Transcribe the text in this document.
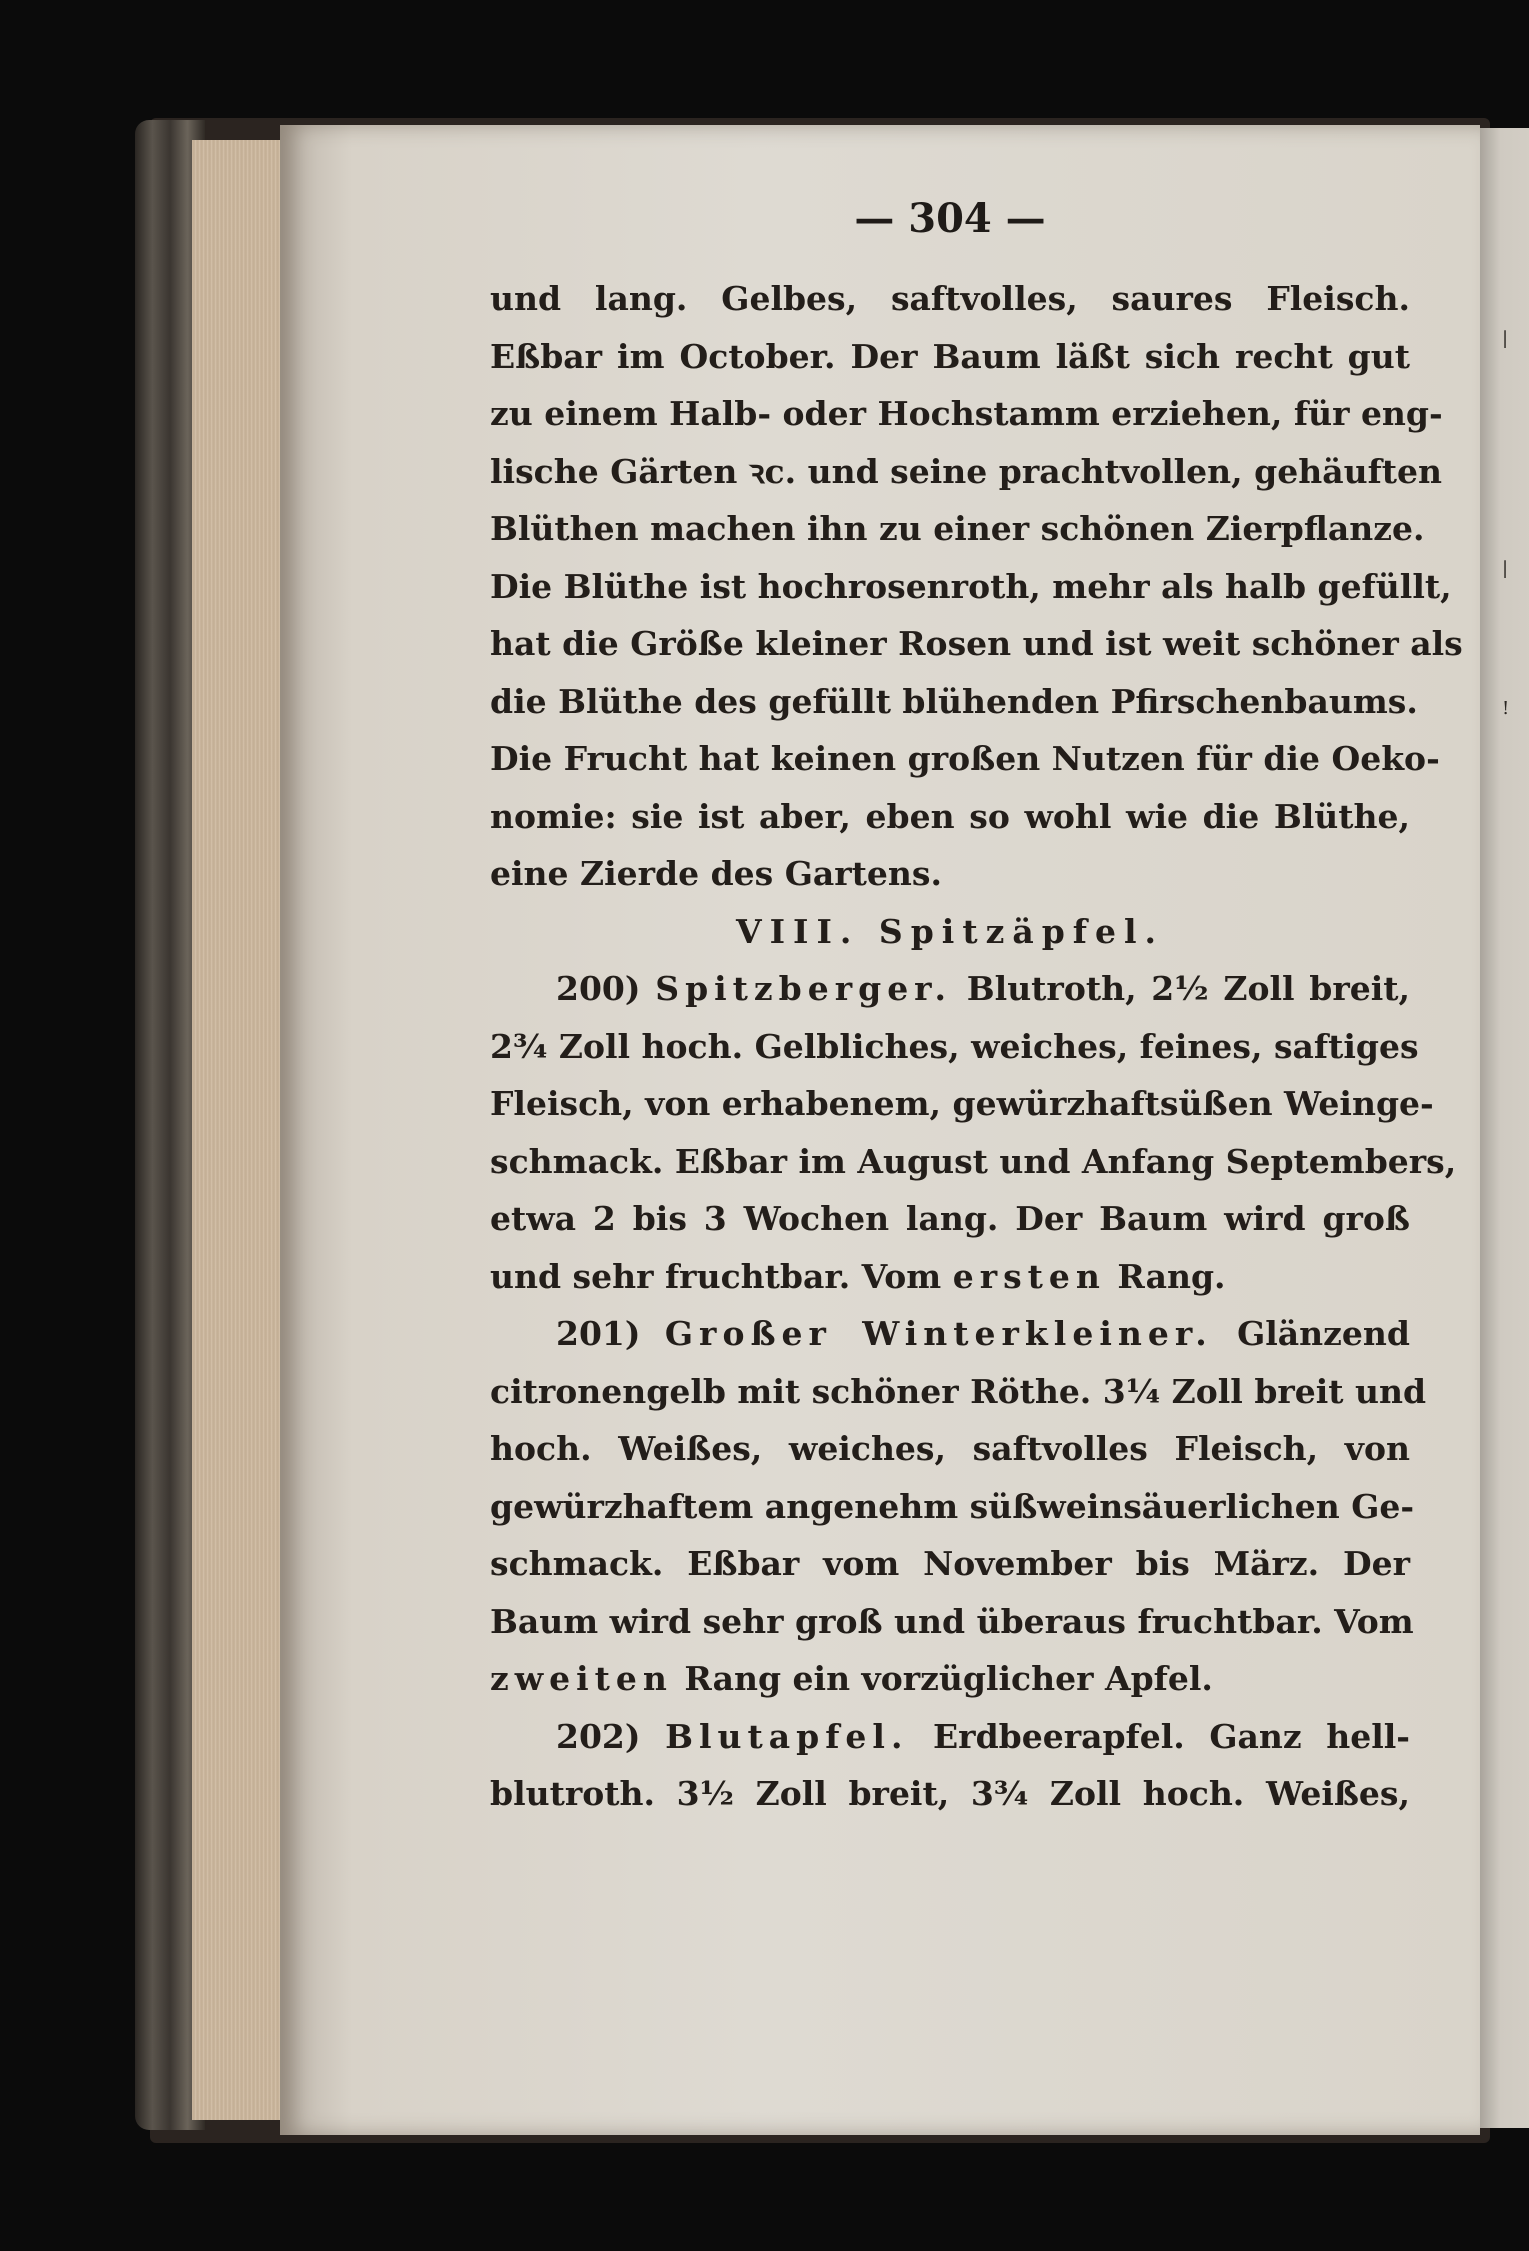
|
|
!
— 304 —
und lang. Gelbes, saftvolles, saures Fleisch.
Eßbar im October. Der Baum läßt sich recht gut
zu einem Halb- oder Hochstamm erziehen, für eng-
lische Gärten ꝛc. und seine prachtvollen, gehäuften
Blüthen machen ihn zu einer schönen Zierpflanze.
Die Blüthe ist hochrosenroth, mehr als halb gefüllt,
hat die Größe kleiner Rosen und ist weit schöner als
die Blüthe des gefüllt blühenden Pfirschenbaums.
Die Frucht hat keinen großen Nutzen für die Oeko-
nomie: sie ist aber, eben so wohl wie die Blüthe,
eine Zierde des Gartens.
VIII. Spitzäpfel.
200) Spitzberger. Blutroth, 2½ Zoll breit,
2¾ Zoll hoch. Gelbliches, weiches, feines, saftiges
Fleisch, von erhabenem, gewürzhaftsüßen Weinge-
schmack. Eßbar im August und Anfang Septembers,
etwa 2 bis 3 Wochen lang. Der Baum wird groß
und sehr fruchtbar. Vom ersten Rang.
201) Großer Winterkleiner. Glänzend
citronengelb mit schöner Röthe. 3¼ Zoll breit und
hoch. Weißes, weiches, saftvolles Fleisch, von
gewürzhaftem angenehm süßweinsäuerlichen Ge-
schmack. Eßbar vom November bis März. Der
Baum wird sehr groß und überaus fruchtbar. Vom
zweiten Rang ein vorzüglicher Apfel.
202) Blutapfel. Erdbeerapfel. Ganz hell-
blutroth. 3½ Zoll breit, 3¾ Zoll hoch. Weißes,
